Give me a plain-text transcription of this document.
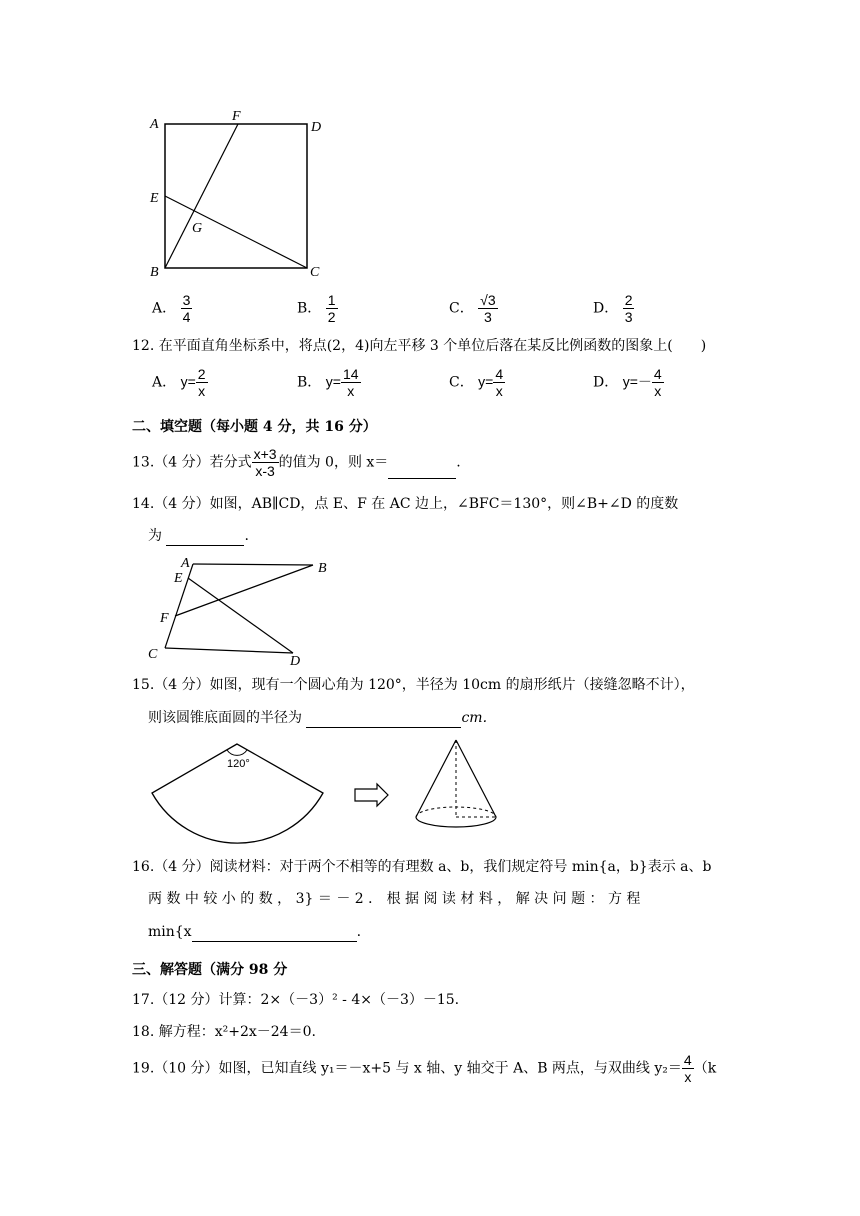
A
F
D
E
G
B	C
A． $\frac{3}{4}$	B． $\frac{1}{2}$	C． $\frac{√3}{3}$	D． $\frac{2}{3}$
12. 在平面直角坐标系中，将点(2，4)向左平移 3 个单位后落在某反比例函数的图象上(　　)
A． $y= \frac{2}{x}$	B． $y= \frac{14}{x}$	C． $y= \frac{4}{x}$	D． $y=- \frac{4}{x}$
二、填空题（每小题 4 分，共 16 分）
13.（4 分）若分式 $\frac{x+3}{x-3}$ 的值为 0，则 x＝	.
14.（4 分）如图，AB∥CD，点 E、F 在 AC 边上，∠BFC＝130°，则∠B+∠D 的度数
为	.
A
E
B
F
C	D
15.（4 分）如图，现有一个圆心角为 120°，半径为 10cm 的扇形纸片（接缝忽略不计），
则该圆锥底面圆的半径为	cm.
120°
16.（4 分）阅读材料：对于两个不相等的有理数 a、b，我们规定符号 min{a，b}表示 a、b
两 数 中 较 小 的 数 ， 3} ＝ － 2 ． 根 据 阅 读 材 料 ， 解 决 问 题 ： 方 程
min{x	.
三、解答题（满分 98 分
17.（12 分）计算：2×（－3）² - 4×（－3）－15.
18. 解方程：x²+2x－24＝0.
19.（10 分）如图，已知直线 y₁＝－x+5 与 x 轴、y 轴交于 A、B 两点，与双曲线 $y_2= \frac{4}{x} (k$
